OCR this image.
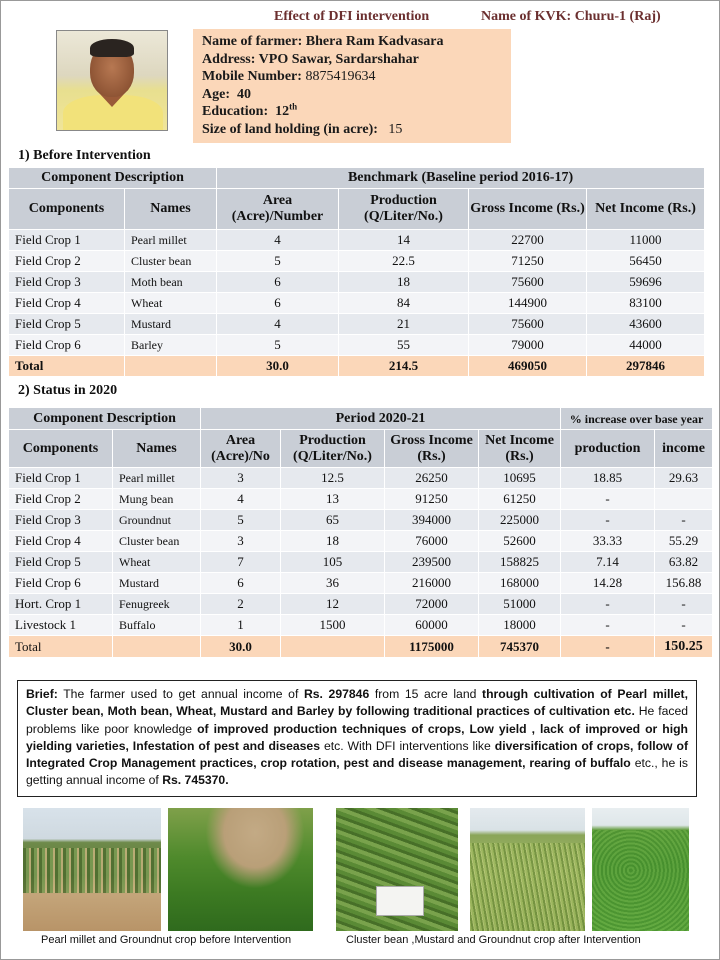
Effect of DFI intervention	Name of KVK: Churu-1 (Raj)
Name of farmer: Bhera Ram Kadvasara
Address: VPO Sawar, Sardarshahar
Mobile Number: 8875419634
Age: 40
Education: 12th
Size of land holding (in acre): 15
1) Before Intervention
Component Description		Benchmark (Baseline period 2016-17)			
Components	Names	Area (Acre)/Number	Production (Q/Liter/No.)	Gross Income (Rs.)	Net Income (Rs.)
Field Crop 1	Pearl millet	4	14	22700	11000
Field Crop 2	Cluster bean	5	22.5	71250	56450
Field Crop 3	Moth bean	6	18	75600	59696
Field Crop 4	Wheat	6	84	144900	83100
Field Crop 5	Mustard	4	21	75600	43600
Field Crop 6	Barley	5	55	79000	44000
Total		30.0	214.5	469050	297846
2) Status in 2020
Component Description		Period 2020-21				% increase over base year	
Components	Names	Area (Acre)/No	Production (Q/Liter/No.)	Gross Income (Rs.)	Net Income (Rs.)	production	income
Field Crop 1	Pearl millet	3	12.5	26250	10695	18.85	29.63
Field Crop 2	Mung bean	4	13	91250	61250	-	
Field Crop 3	Groundnut	5	65	394000	225000	-	-
Field Crop 4	Cluster bean	3	18	76000	52600	33.33	55.29
Field Crop 5	Wheat	7	105	239500	158825	7.14	63.82
Field Crop 6	Mustard	6	36	216000	168000	14.28	156.88
Hort. Crop 1	Fenugreek	2	12	72000	51000	-	-
Livestock 1	Buffalo	1	1500	60000	18000	-	-
Total		30.0		1175000	745370	-	150.25
Brief: The farmer used to get annual income of Rs. 297846 from 15 acre land through cultivation of Pearl millet, Cluster bean, Moth bean, Wheat, Mustard and Barley by following traditional practices of cultivation etc. He faced problems like poor knowledge of improved production techniques of crops, Low yield , lack of improved or high yielding varieties, Infestation of pest and diseases etc. With DFI interventions like diversification of crops, follow of Integrated Crop Management practices, crop rotation, pest and disease management, rearing of buffalo etc., he is getting annual income of Rs. 745370.
Pearl millet and Groundnut crop before Intervention	Cluster bean ,Mustard and Groundnut crop after Intervention
